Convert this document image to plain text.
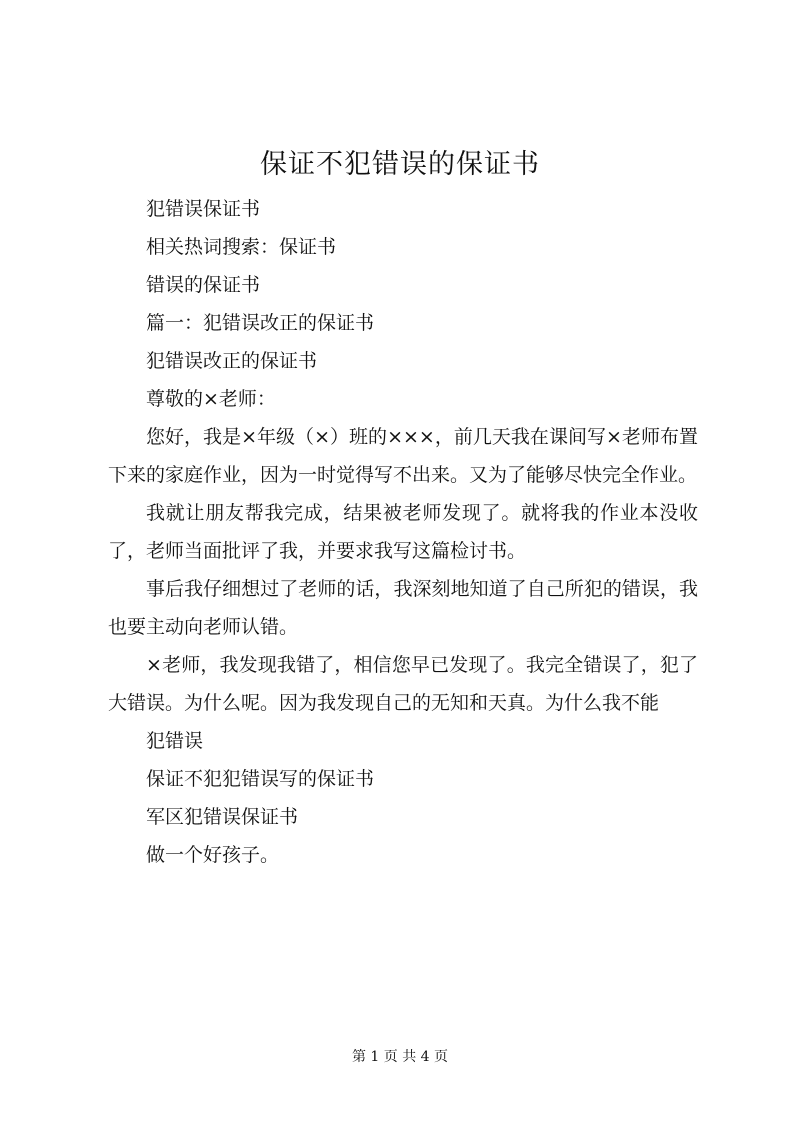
保证不犯错误的保证书

犯错误保证书

相关热词搜索：保证书

错误的保证书

篇一：犯错误改正的保证书

犯错误改正的保证书

尊敬的×老师：

您好，我是×年级（×）班的×××，前几天我在课间写×老师布置下来的家庭作业，因为一时觉得写不出来。又为了能够尽快完全作业。

我就让朋友帮我完成，结果被老师发现了。就将我的作业本没收了，老师当面批评了我，并要求我写这篇检讨书。

事后我仔细想过了老师的话，我深刻地知道了自己所犯的错误，我也要主动向老师认错。

×老师，我发现我错了，相信您早已发现了。我完全错误了，犯了大错误。为什么呢。因为我发现自己的无知和天真。为什么我不能

犯错误

保证不犯犯错误写的保证书

军区犯错误保证书

做一个好孩子。

第 1 页 共 4 页
